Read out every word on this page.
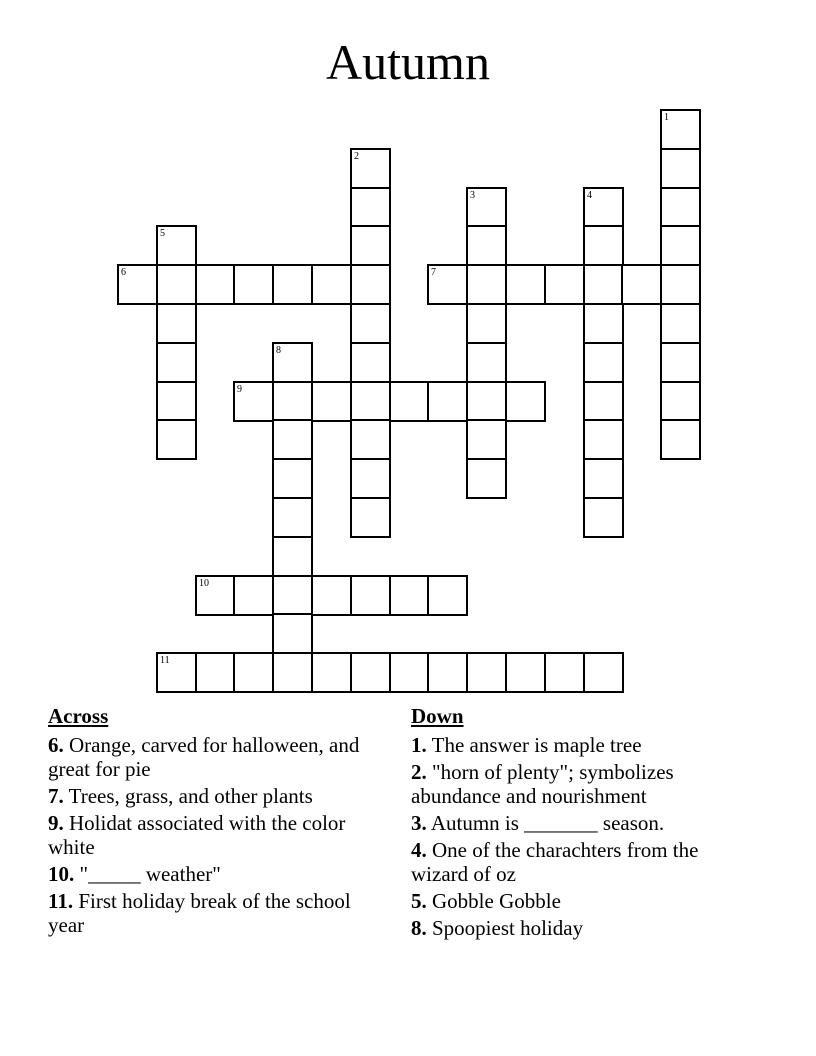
Autumn
6	7
9
10
11
1
2
3	4
5
8
Across
6. Orange, carved for halloween, and great for pie
7. Trees, grass, and other plants
9. Holidat associated with the color white
10. "_____ weather"
11. First holiday break of the school year
Down
1. The answer is maple tree
2. "horn of plenty"; symbolizes abundance and nourishment
3. Autumn is _______ season.
4. One of the charachters from the wizard of oz
5. Gobble Gobble
8. Spoopiest holiday
